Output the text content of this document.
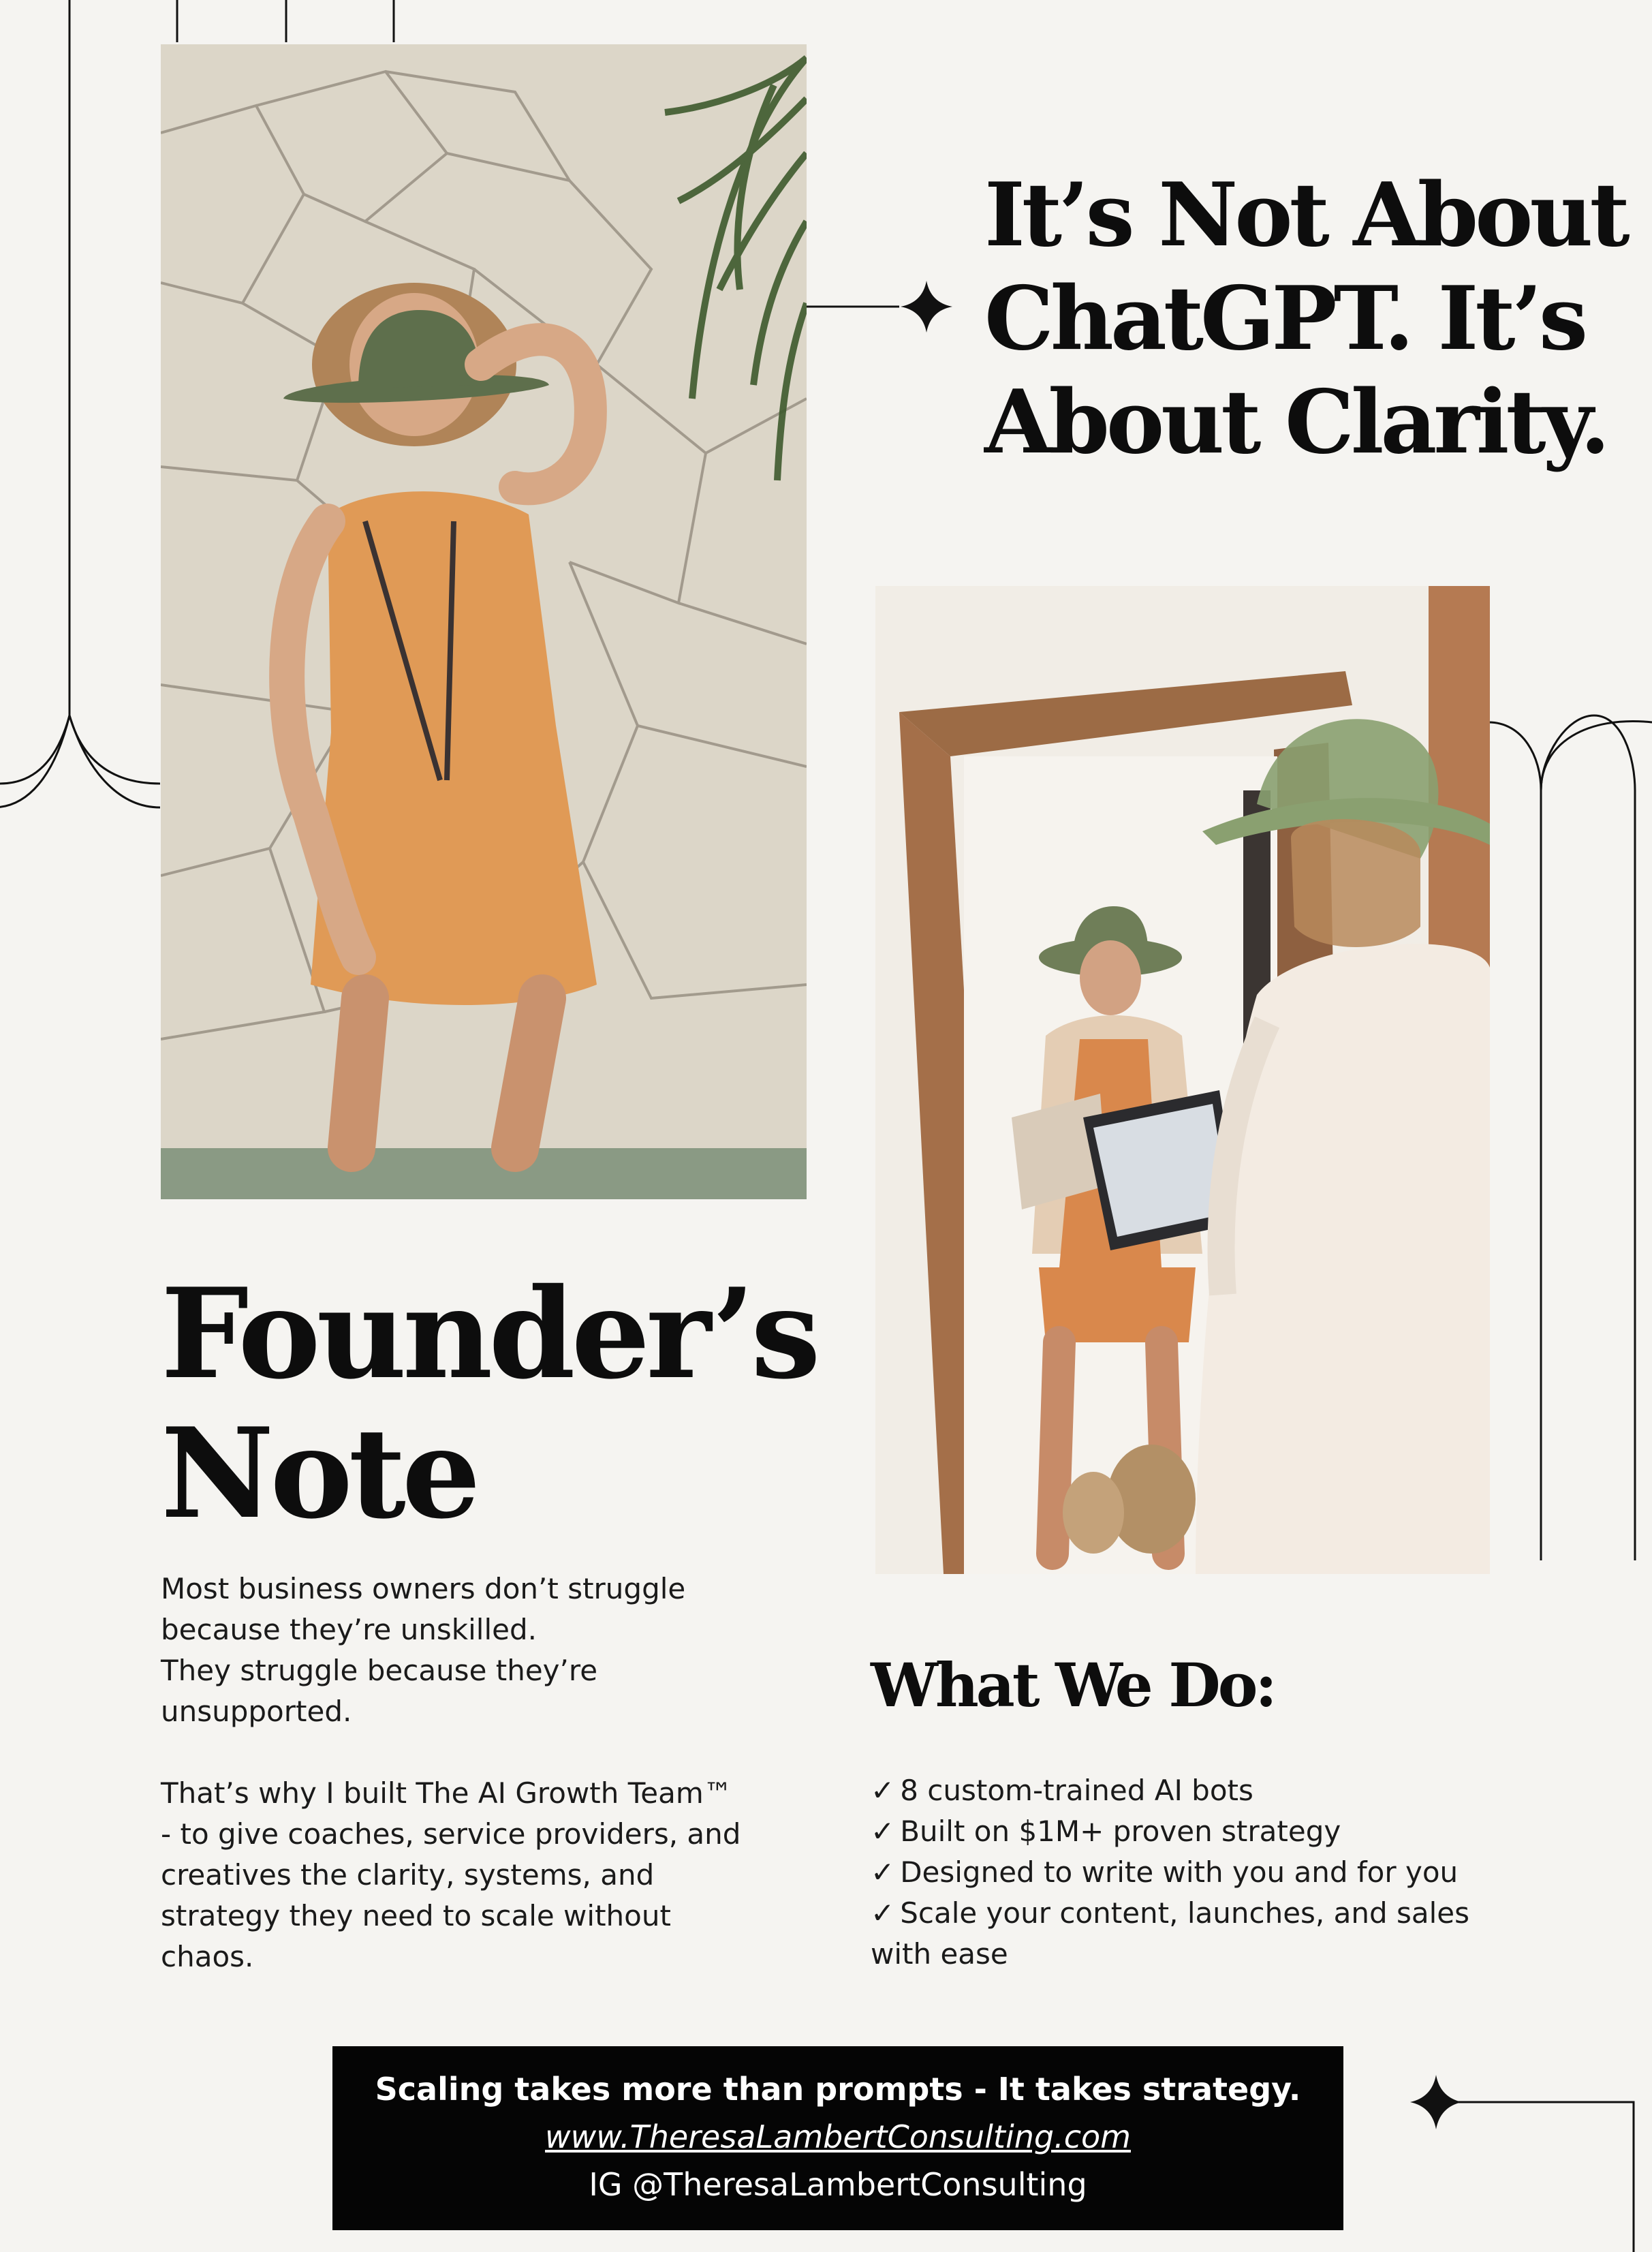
It’s Not About
ChatGPT. It’s
About Clarity.
Founder’s
Note
Most business owners don’t struggle
because they’re unskilled.
They struggle because they’re
unsupported.
That’s why I built The AI Growth Team™
- to give coaches, service providers, and
creatives the clarity, systems, and
strategy they need to scale without
chaos.
What We Do:
✓ 8 custom-trained AI bots
✓ Built on $1M+ proven strategy
✓ Designed to write with you and for you
✓ Scale your content, launches, and sales
with ease
Scaling takes more than prompts - It takes strategy.
www.TheresaLambertConsulting.com
IG @TheresaLambertConsulting
